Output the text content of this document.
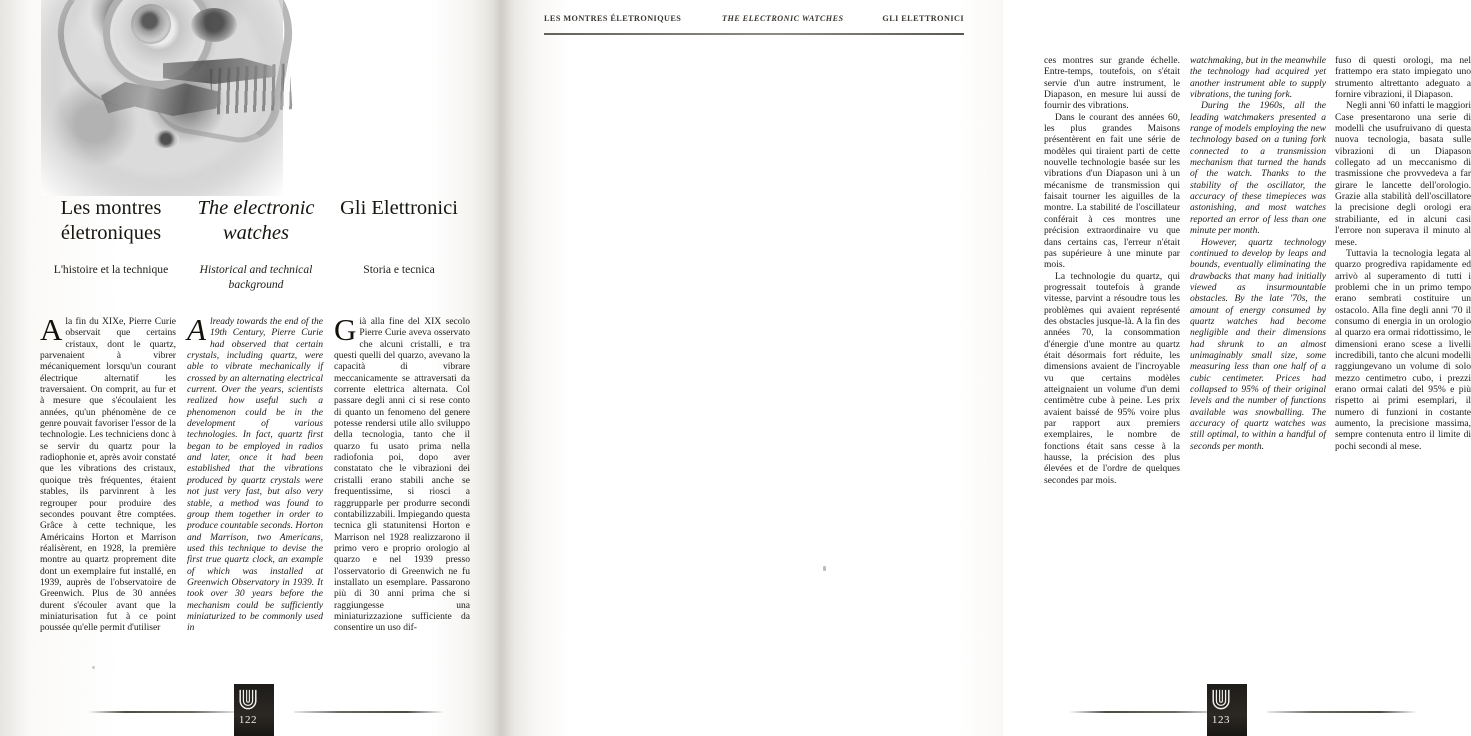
Les montres életroniques
The electronic watches
Gli Elettronici
L'histoire et la technique	Historical and technical background
Storia e tecnica

A la fin du XIXe, Pierre Curie observait que certains cristaux, dont le quartz, parvenaient à vibrer mécaniquement lorsqu'un courant électrique alternatif les traversaient. On comprit, au fur et à mesure que s'écoulaient les années, qu'un phénomène de ce genre pouvait favoriser l'essor de la technologie. Les techniciens donc à se servir du quartz pour la radiophonie et, après avoir constaté que les vibrations des cristaux, quoique très fréquentes, étaient stables, ils parvinrent à les regrouper pour produire des secondes pouvant être comptées. Grâce à cette technique, les Américains Horton et Marrison réalisèrent, en 1928, la première montre au quartz proprement dite dont un exemplaire fut installé, en 1939, auprès de l'observatoire de Greenwich. Plus de 30 années durent s'écouler avant que la miniaturisation fut à ce point poussée qu'elle permit d'utiliser

Already towards the end of the 19th Century, Pierre Curie had observed that certain crystals, including quartz, were able to vibrate mechanically if crossed by an alternating electrical current. Over the years, scientists realized how useful such a phenomenon could be in the development of various technologies. In fact, quartz first began to be employed in radios and later, once it had been established that the vibrations produced by quartz crystals were not just very fast, but also very stable, a method was found to group them together in order to produce countable seconds. Horton and Marrison, two Americans, used this technique to devise the first true quartz clock, an example of which was installed at Greenwich Observatory in 1939. It took over 30 years before the mechanism could be sufficiently miniaturized to be commonly used in

Già alla fine del XIX secolo Pierre Curie aveva osservato che alcuni cristalli, e tra questi quelli del quarzo, avevano la capacità di vibrare meccanicamente se attraversati da corrente elettrica alternata. Col passare degli anni ci si rese conto di quanto un fenomeno del genere potesse rendersi utile allo sviluppo della tecnologia, tanto che il quarzo fu usato prima nella radiofonia poi, dopo aver constatato che le vibrazioni dei cristalli erano stabili anche se frequentissime, si riosci a raggrupparle per produrre secondi contabilizzabili. Impiegando questa tecnica gli statunitensi Horton e Marrison nel 1928 realizzarono il primo vero e proprio orologio al quarzo e nel 1939 presso l'osservatorio di Greenwich ne fu installato un esemplare. Passarono più di 30 anni prima che si raggiungesse una miniaturizzazione sufficiente da consentire un uso dif-

122
LES MONTRES ÉLETRONIQUES	THE ELECTRONIC WATCHES	GLI ELETTRONICI

ces montres sur grande échelle. Entre-temps, toutefois, on s'était servie d'un autre instrument, le Diapason, en mesure lui aussi de fournir des vibrations.

Dans le courant des années 60, les plus grandes Maisons présentèrent en fait une série de modèles qui tiraient parti de cette nouvelle technologie basée sur les vibrations d'un Diapason uni à un mécanisme de transmission qui faisait tourner les aiguilles de la montre. La stabilité de l'oscillateur conférait à ces montres une précision extraordinaire vu que dans certains cas, l'erreur n'était pas supérieure à une minute par mois.

La technologie du quartz, qui progressait toutefois à grande vitesse, parvint a résoudre tous les problèmes qui avaient représenté des obstacles jusque-là. A la fin des années 70, la consommation d'énergie d'une montre au quartz était désormais fort réduite, les dimensions avaient de l'incroyable vu que certains modèles atteignaient un volume d'un demi centimètre cube à peine. Les prix avaient baissé de 95% voire plus par rapport aux premiers exemplaires, le nombre de fonctions était sans cesse à la hausse, la précision des plus élevées et de l'ordre de quelques secondes par mois.

watchmaking, but in the meanwhile the technology had acquired yet another instrument able to supply vibrations, the tuning fork.

During the 1960s, all the leading watchmakers presented a range of models employing the new technology based on a tuning fork connected to a transmission mechanism that turned the hands of the watch. Thanks to the stability of the oscillator, the accuracy of these timepieces was astonishing, and most watches reported an error of less than one minute per month.

However, quartz technology continued to develop by leaps and bounds, eventually eliminating the drawbacks that many had initially viewed as insurmountable obstacles. By the late '70s, the amount of energy consumed by quartz watches had become negligible and their dimensions had shrunk to an almost unimaginably small size, some measuring less than one half of a cubic centimeter. Prices had collapsed to 95% of their original levels and the number of functions available was snowballing. The accuracy of quartz watches was still optimal, to within a handful of seconds per month.

fuso di questi orologi, ma nel frattempo era stato impiegato uno strumento altrettanto adeguato a fornire vibrazioni, il Diapason.

Negli anni '60 infatti le maggiori Case presentarono una serie di modelli che usufruivano di questa nuova tecnologia, basata sulle vibrazioni di un Diapason collegato ad un meccanismo di trasmissione che provvedeva a far girare le lancette dell'orologio. Grazie alla stabilità dell'oscillatore la precisione degli orologi era strabiliante, ed in alcuni casi l'errore non superava il minuto al mese.

Tuttavia la tecnologia legata al quarzo progrediva rapidamente ed arrivò al superamento di tutti i problemi che in un primo tempo erano sembrati costituire un ostacolo. Alla fine degli anni '70 il consumo di energia in un orologio al quarzo era ormai ridottissimo, le dimensioni erano scese a livelli incredibili, tanto che alcuni modelli raggiungevano un volume di solo mezzo centimetro cubo, i prezzi erano ormai calati del 95% e più rispetto ai primi esemplari, il numero di funzioni in costante aumento, la precisione massima, sempre contenuta entro il limite di pochi secondi al mese.

123
